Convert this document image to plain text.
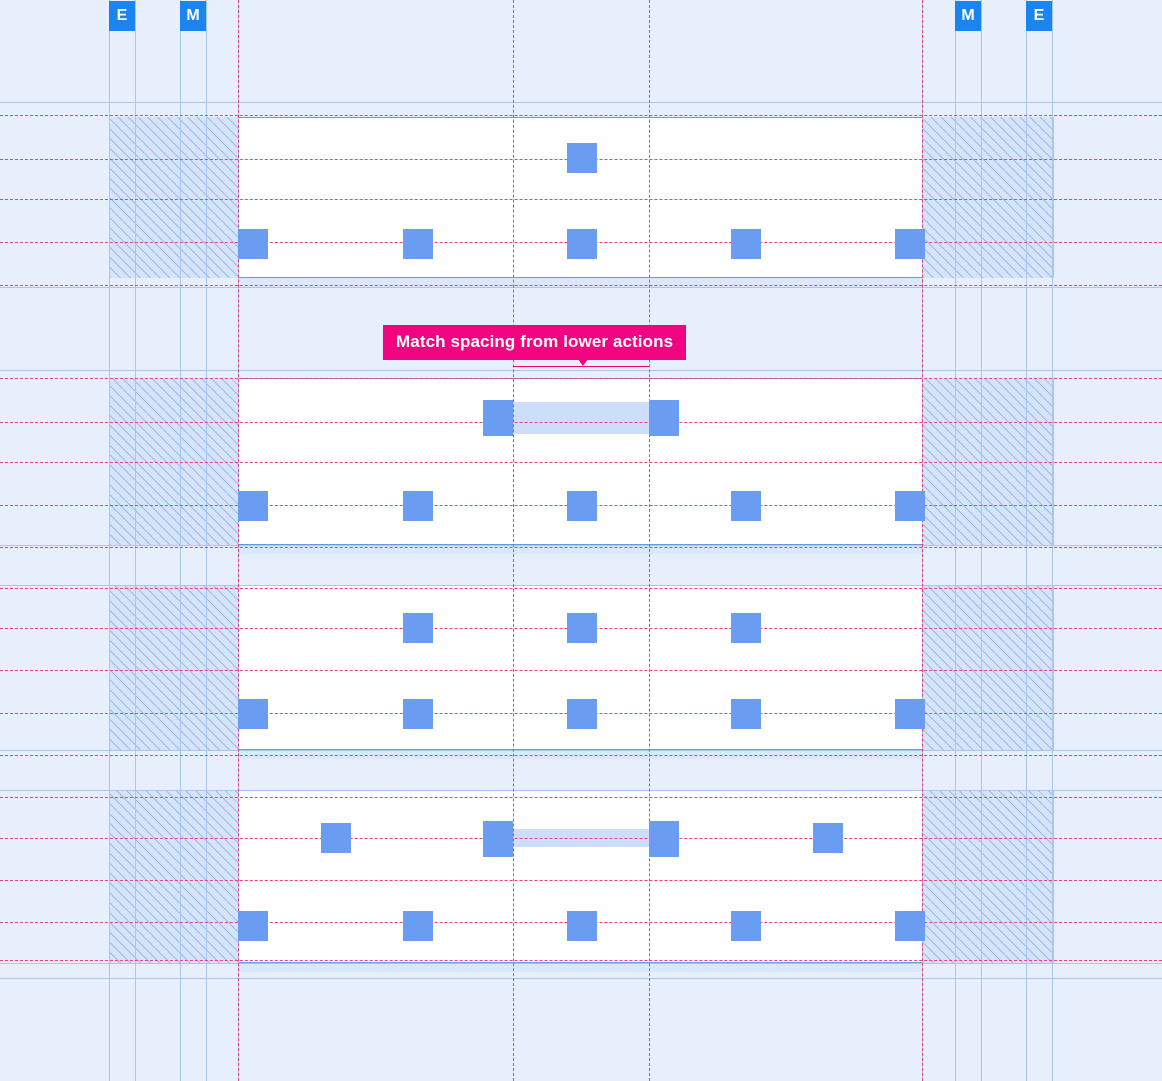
E	M	M	E
Match spacing from lower actions
